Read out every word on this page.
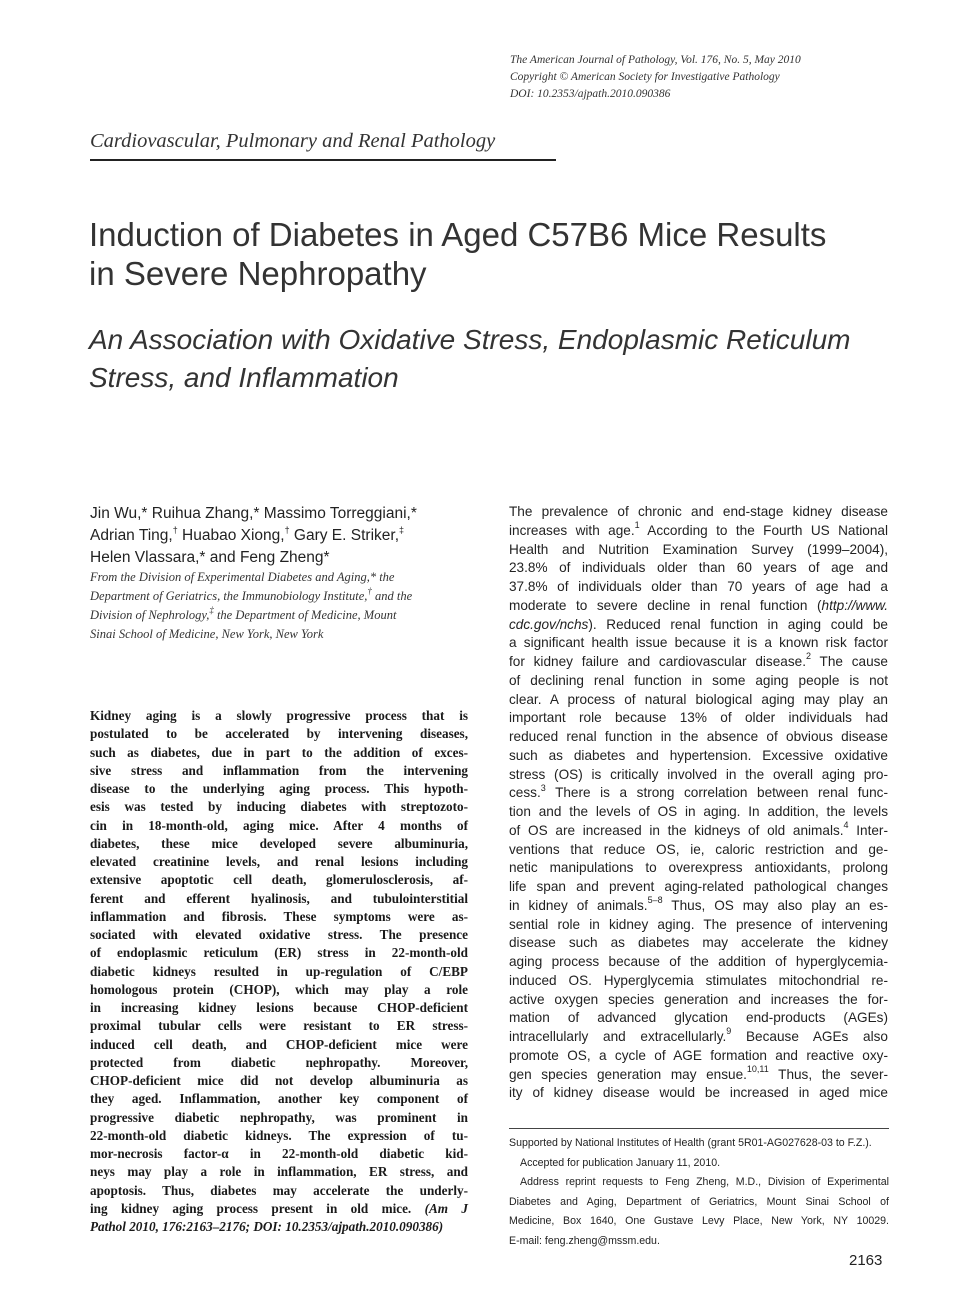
The American Journal of Pathology, Vol. 176, No. 5, May 2010
Copyright © American Society for Investigative Pathology
DOI: 10.2353/ajpath.2010.090386
Cardiovascular, Pulmonary and Renal Pathology
Induction of Diabetes in Aged C57B6 Mice Results
in Severe Nephropathy
An Association with Oxidative Stress, Endoplasmic Reticulum
Stress, and Inflammation
Jin Wu,* Ruihua Zhang,* Massimo Torreggiani,*
Adrian Ting,† Huabao Xiong,† Gary E. Striker,‡
Helen Vlassara,* and Feng Zheng*
From the Division of Experimental Diabetes and Aging,* the
Department of Geriatrics, the Immunobiology Institute,† and the
Division of Nephrology,‡ the Department of Medicine, Mount
Sinai School of Medicine, New York, New York
Kidney aging is a slowly progressive process that is
postulated to be accelerated by intervening diseases,
such as diabetes, due in part to the addition of exces-
sive stress and inflammation from the intervening
disease to the underlying aging process. This hypoth-
esis was tested by inducing diabetes with streptozoto-
cin in 18-month-old, aging mice. After 4 months of
diabetes, these mice developed severe albuminuria,
elevated creatinine levels, and renal lesions including
extensive apoptotic cell death, glomerulosclerosis, af-
ferent and efferent hyalinosis, and tubulointerstitial
inflammation and fibrosis. These symptoms were as-
sociated with elevated oxidative stress. The presence
of endoplasmic reticulum (ER) stress in 22-month-old
diabetic kidneys resulted in up-regulation of C/EBP
homologous protein (CHOP), which may play a role
in increasing kidney lesions because CHOP-deficient
proximal tubular cells were resistant to ER stress-
induced cell death, and CHOP-deficient mice were
protected from diabetic nephropathy. Moreover,
CHOP-deficient mice did not develop albuminuria as
they aged. Inflammation, another key component of
progressive diabetic nephropathy, was prominent in
22-month-old diabetic kidneys. The expression of tu-
mor-necrosis factor-α in 22-month-old diabetic kid-
neys may play a role in inflammation, ER stress, and
apoptosis. Thus, diabetes may accelerate the underly-
ing kidney aging process present in old mice. (Am J
Pathol 2010, 176:2163–2176; DOI: 10.2353/ajpath.2010.090386)
The prevalence of chronic and end-stage kidney disease
increases with age.$^1$ According to the Fourth US National
Health and Nutrition Examination Survey (1999–2004),
23.8% of individuals older than 60 years of age and
37.8% of individuals older than 70 years of age had a
moderate to severe decline in renal function (http://www.
cdc.gov/nchs). Reduced renal function in aging could be
a significant health issue because it is a known risk factor
for kidney failure and cardiovascular disease.$^2$ The cause
of declining renal function in some aging people is not
clear. A process of natural biological aging may play an
important role because 13% of older individuals had
reduced renal function in the absence of obvious disease
such as diabetes and hypertension. Excessive oxidative
stress (OS) is critically involved in the overall aging pro-
cess.$^3$ There is a strong correlation between renal func-
tion and the levels of OS in aging. In addition, the levels
of OS are increased in the kidneys of old animals.$^4$ Inter-
ventions that reduce OS, ie, caloric restriction and ge-
netic manipulations to overexpress antioxidants, prolong
life span and prevent aging-related pathological changes
in kidney of animals.$^{5-8}$ Thus, OS may also play an es-
sential role in kidney aging. The presence of intervening
disease such as diabetes may accelerate the kidney
aging process because of the addition of hyperglycemia-
induced OS. Hyperglycemia stimulates mitochondrial re-
active oxygen species generation and increases the for-
mation of advanced glycation end-products (AGEs)
intracellularly and extracellularly.$^9$ Because AGEs also
promote OS, a cycle of AGE formation and reactive oxy-
gen species generation may ensue.$^{10,11}$ Thus, the sever-
ity of kidney disease would be increased in aged mice
Supported by National Institutes of Health (grant 5R01-AG027628-03 to F.Z.).
Accepted for publication January 11, 2010.
Address reprint requests to Feng Zheng, M.D., Division of Experimental
Diabetes and Aging, Department of Geriatrics, Mount Sinai School of
Medicine, Box 1640, One Gustave Levy Place, New York, NY 10029.
E-mail: feng.zheng@mssm.edu.
2163
